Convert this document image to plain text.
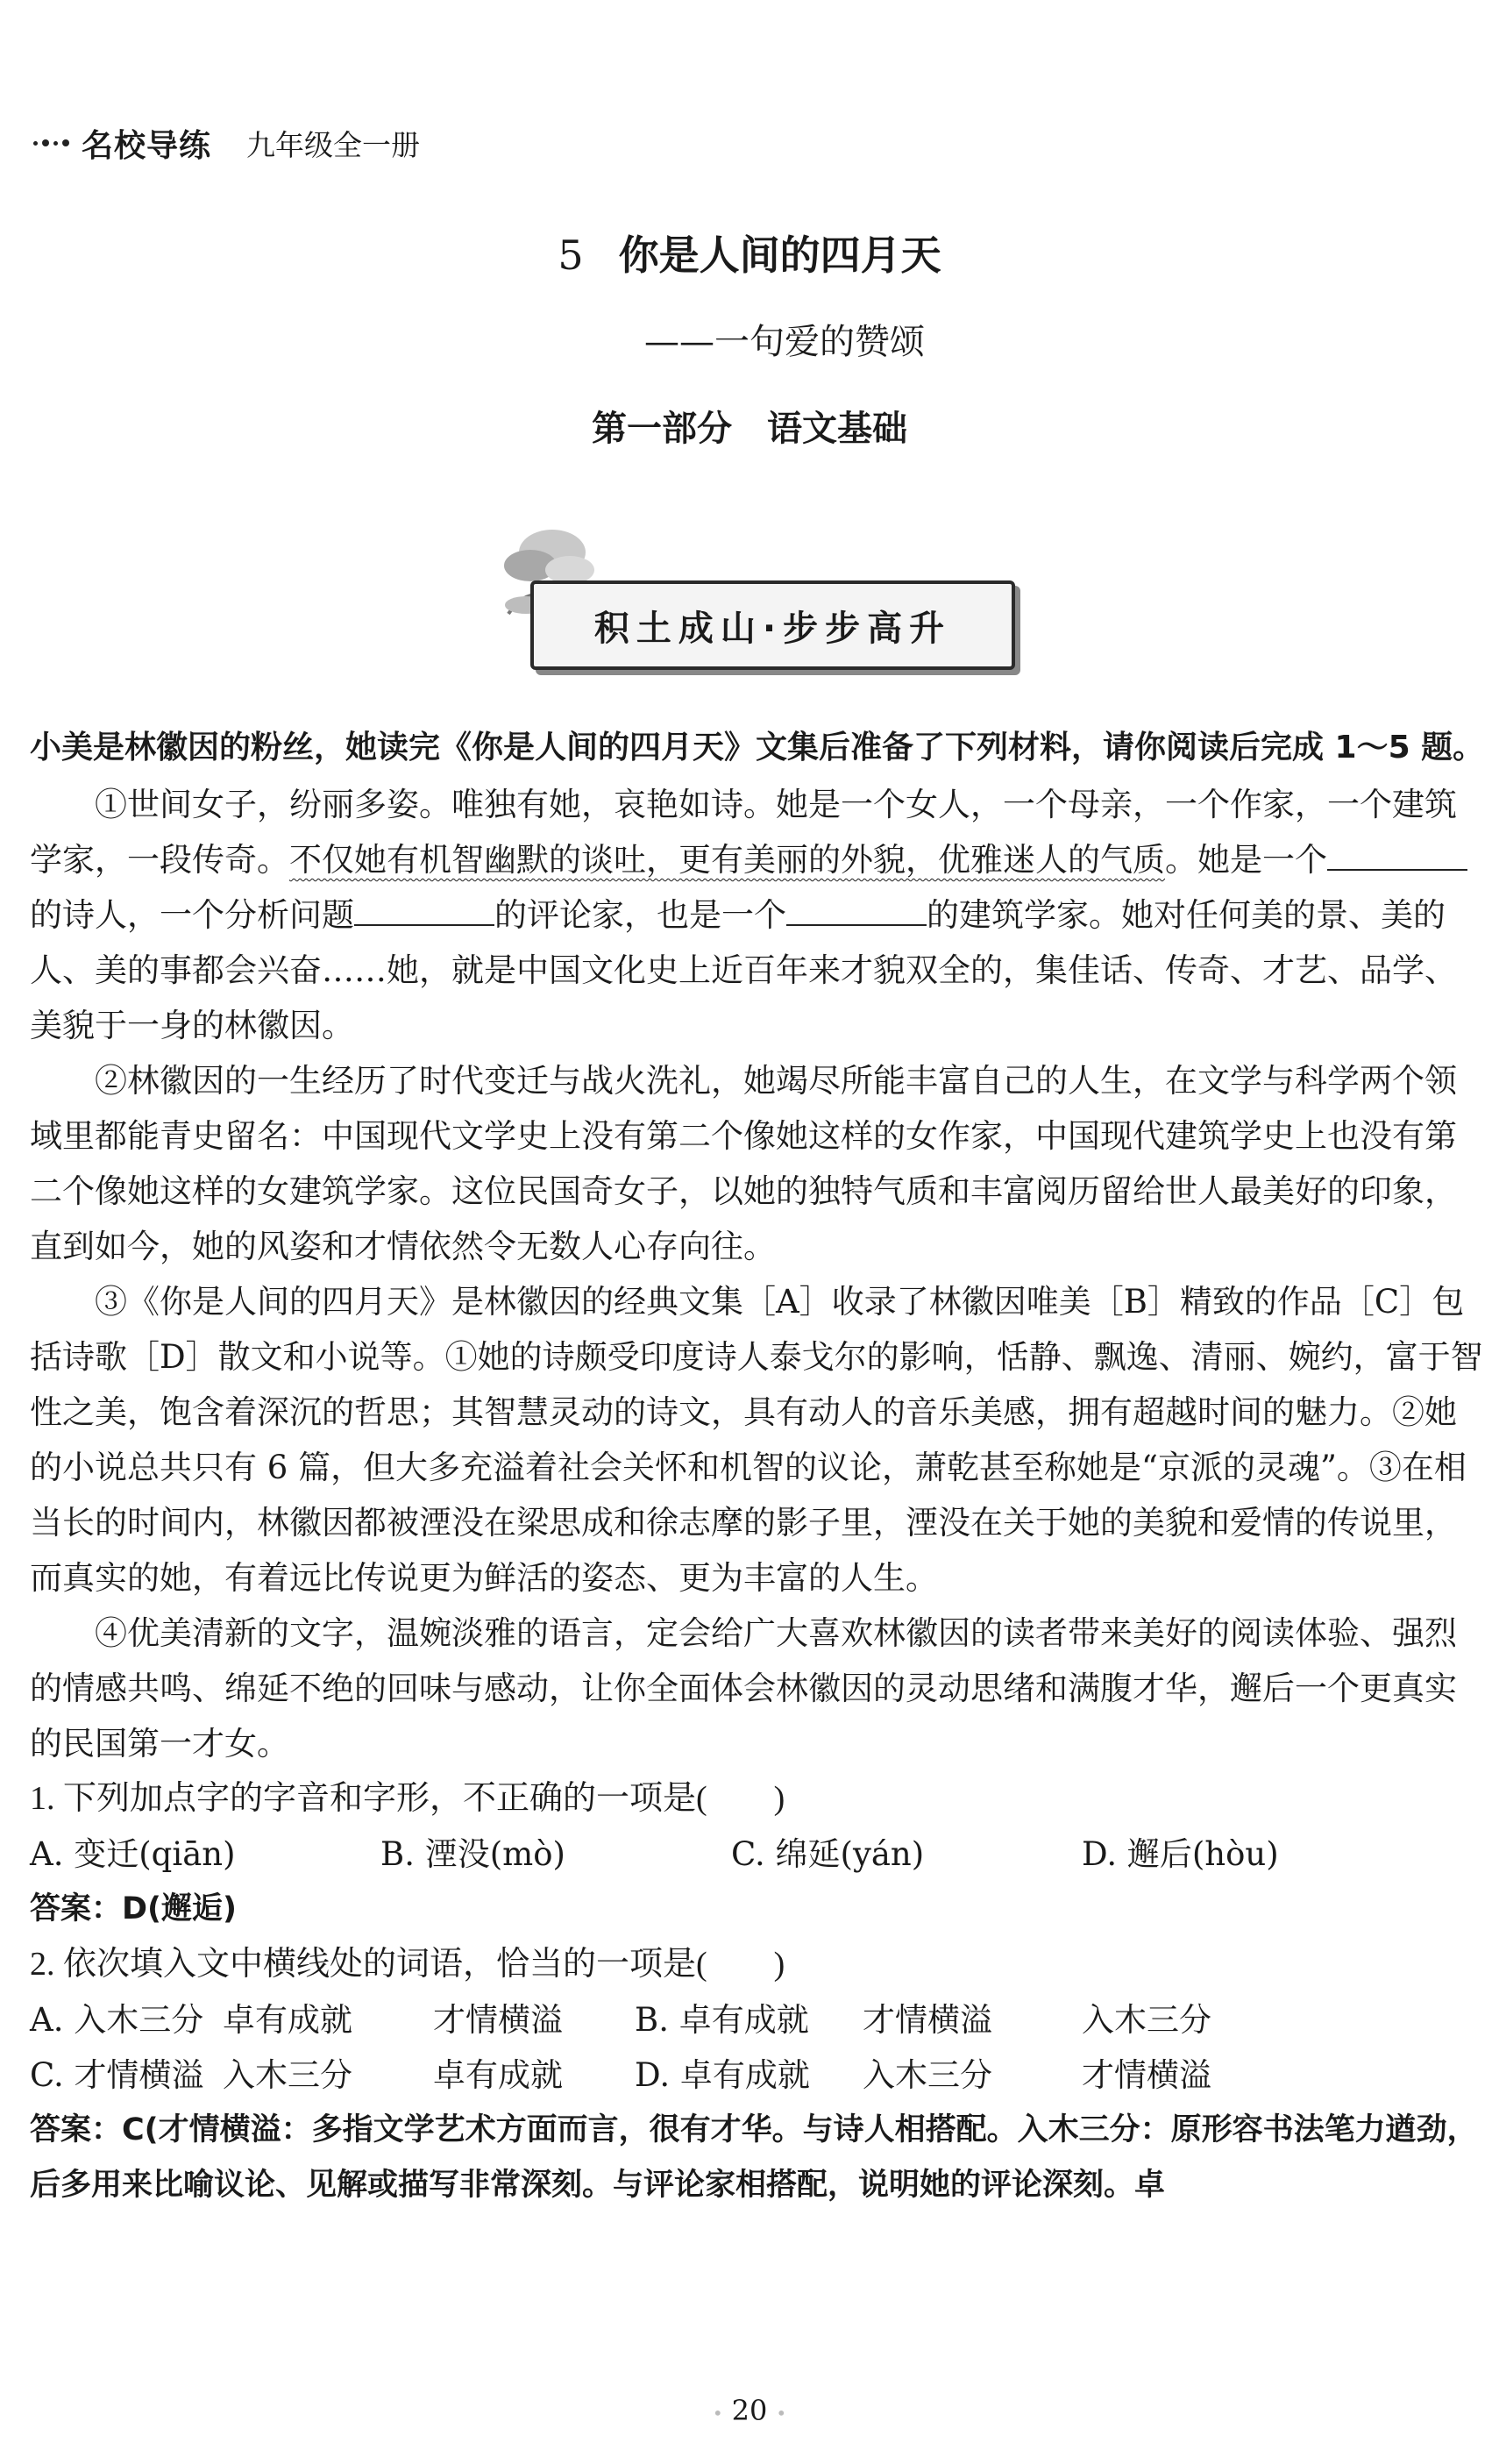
名校导练 九年级全一册
5 你是人间的四月天
——一句爱的赞颂
第一部分　语文基础
积土成山·步步高升

小美是林徽因的粉丝，她读完《你是人间的四月天》文集后准备了下列材料，请你阅读后完成 1～5 题。

①世间女子，纷丽多姿。唯独有她，哀艳如诗。她是一个女人，一个母亲，一个作家，一个建筑学家，一段传奇。不仅她有机智幽默的谈吐，更有美丽的外貌，优雅迷人的气质。她是一个的诗人，一个分析问题	的评论家，也是一个	的建筑学家。她对任何美的景、美的人、美的事都会兴奋……她，就是中国文化史上近百年来才貌双全的，集佳话、传奇、才艺、品学、美貌于一身的林徽因。

②林徽因的一生经历了时代变迁与战火洗礼，她竭尽所能丰富自己的人生，在文学与科学两个领域里都能青史留名：中国现代文学史上没有第二个像她这样的女作家，中国现代建筑学史上也没有第二个像她这样的女建筑学家。这位民国奇女子，以她的独特气质和丰富阅历留给世人最美好的印象，直到如今，她的风姿和才情依然令无数人心存向往。

③《你是人间的四月天》是林徽因的经典文集［A］收录了林徽因唯美［B］精致的作品［C］包括诗歌［D］散文和小说等。①她的诗颇受印度诗人泰戈尔的影响，恬静、飘逸、清丽、婉约，富于智性之美，饱含着深沉的哲思；其智慧灵动的诗文，具有动人的音乐美感，拥有超越时间的魅力。②她的小说总共只有 6 篇，但大多充溢着社会关怀和机智的议论，萧乾甚至称她是“京派的灵魂”。③在相当长的时间内，林徽因都被湮没在梁思成和徐志摩的影子里，湮没在关于她的美貌和爱情的传说里，而真实的她，有着远比传说更为鲜活的姿态、更为丰富的人生。

④优美清新的文字，温婉淡雅的语言，定会给广大喜欢林徽因的读者带来美好的阅读体验、强烈的情感共鸣、绵延不绝的回味与感动，让你全面体会林徽因的灵动思绪和满腹才华，邂后一个更真实的民国第一才女。

1. 下列加点字的字音和字形，不正确的一项是(　　)

A. 变迁(qiān)	B. 湮没(mò)	C. 绵延(yán)	D. 邂后(hòu)

答案：D(邂逅)

2. 依次填入文中横线处的词语，恰当的一项是(　　)

A. 入木三分 卓有成就	才情横溢	B. 卓有成就	才情横溢	入木三分
C. 才情横溢 入木三分	卓有成就	D. 卓有成就	入木三分	才情横溢

答案：C(才情横溢：多指文学艺术方面而言，很有才华。与诗人相搭配。入木三分：原形容书法笔力遒劲，后多用来比喻议论、见解或描写非常深刻。与评论家相搭配，说明她的评论深刻。卓

• 20 •
